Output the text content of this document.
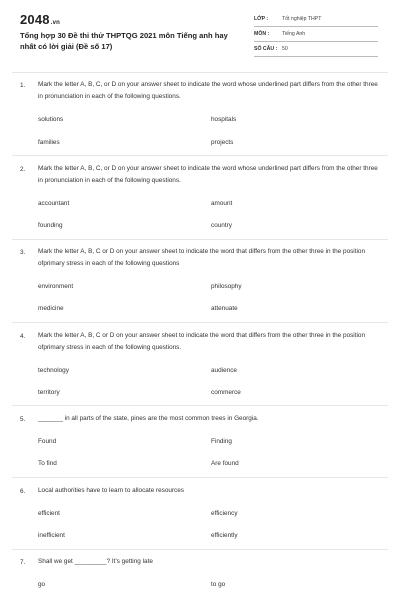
2048.vn
Tổng hợp 30 Đề thi thử THPTQG 2021 môn Tiếng anh hay nhất có lời giải (Đề số 17)
LỚP :	Tốt nghiệp THPT
MÔN : Tiếng Anh
SỐ CÂU : 50
1. Mark the letter A, B, C, or D on your answer sheet to indicate the word whose underlined part differs from the other three in pronunciation in each of the following questions.
solutions	hospitals
families	projects
2. Mark the letter A, B, C, or D on your answer sheet to indicate the word whose underlined part differs from the other three in pronunciation in each of the following questions.
accountant	amount
founding	country
3. Mark the letter A, B, C or D on your answer sheet to indicate the word that differs from the other three in the position ofprimary stress in each of the following questions
environment	philosophy
medicine	attenuate
4. Mark the letter A, B, C or D on your answer sheet to indicate the word that differs from the other three in the position ofprimary stress in each of the following questions.
technology	audience
territory	commerce
5. _______ in all parts of the state, pines are the most common trees in Georgia.
Found	Finding
To find	Are found
6. Local authorities have to learn to allocate resources
efficient	efficiency
inefficient	efficiently
7. Shall we get _________? It's getting late
go	to go
